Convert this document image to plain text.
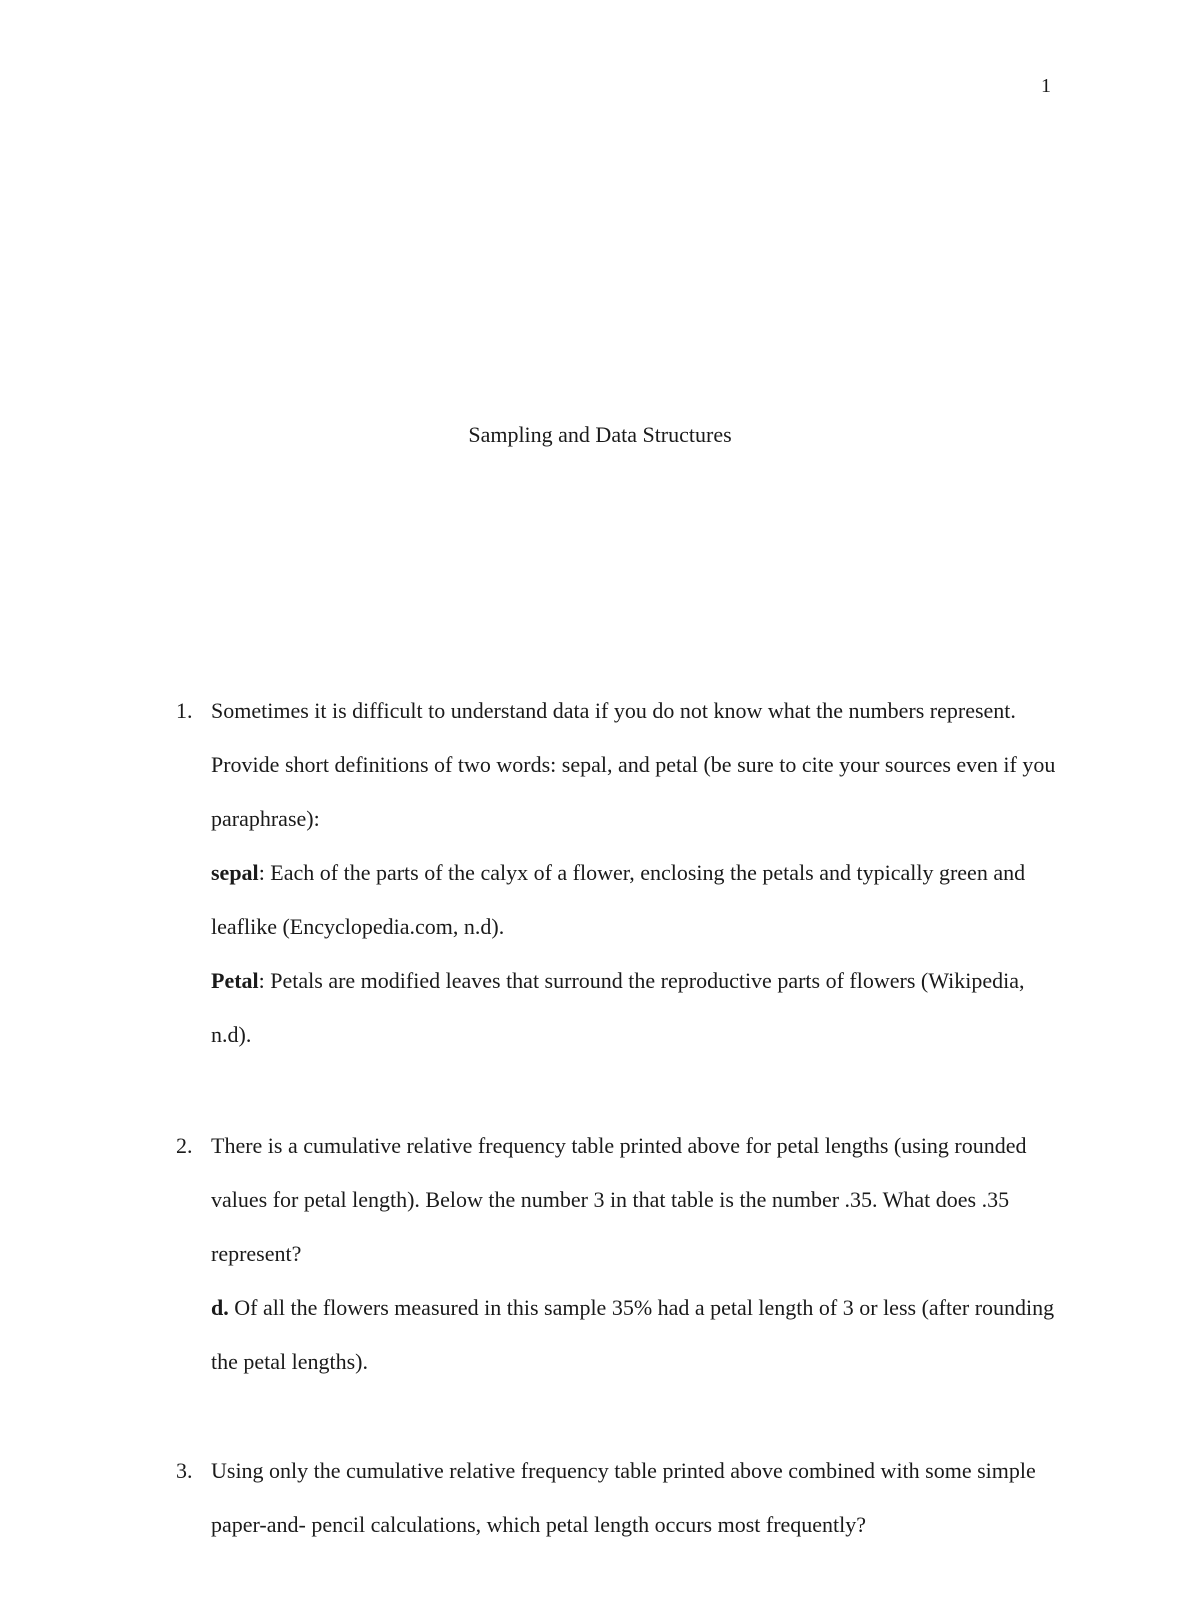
1
Sampling and Data Structures
1. Sometimes it is difficult to understand data if you do not know what the numbers represent. Provide short definitions of two words: sepal, and petal (be sure to cite your sources even if you paraphrase):

sepal: Each of the parts of the calyx of a flower, enclosing the petals and typically green and leaflike (Encyclopedia.com, n.d).

Petal: Petals are modified leaves that surround the reproductive parts of flowers (Wikipedia, n.d).

2. There is a cumulative relative frequency table printed above for petal lengths (using rounded values for petal length). Below the number 3 in that table is the number .35. What does .35 represent?

d. Of all the flowers measured in this sample 35% had a petal length of 3 or less (after rounding the petal lengths).

3. Using only the cumulative relative frequency table printed above combined with some simple paper-and- pencil calculations, which petal length occurs most frequently?
